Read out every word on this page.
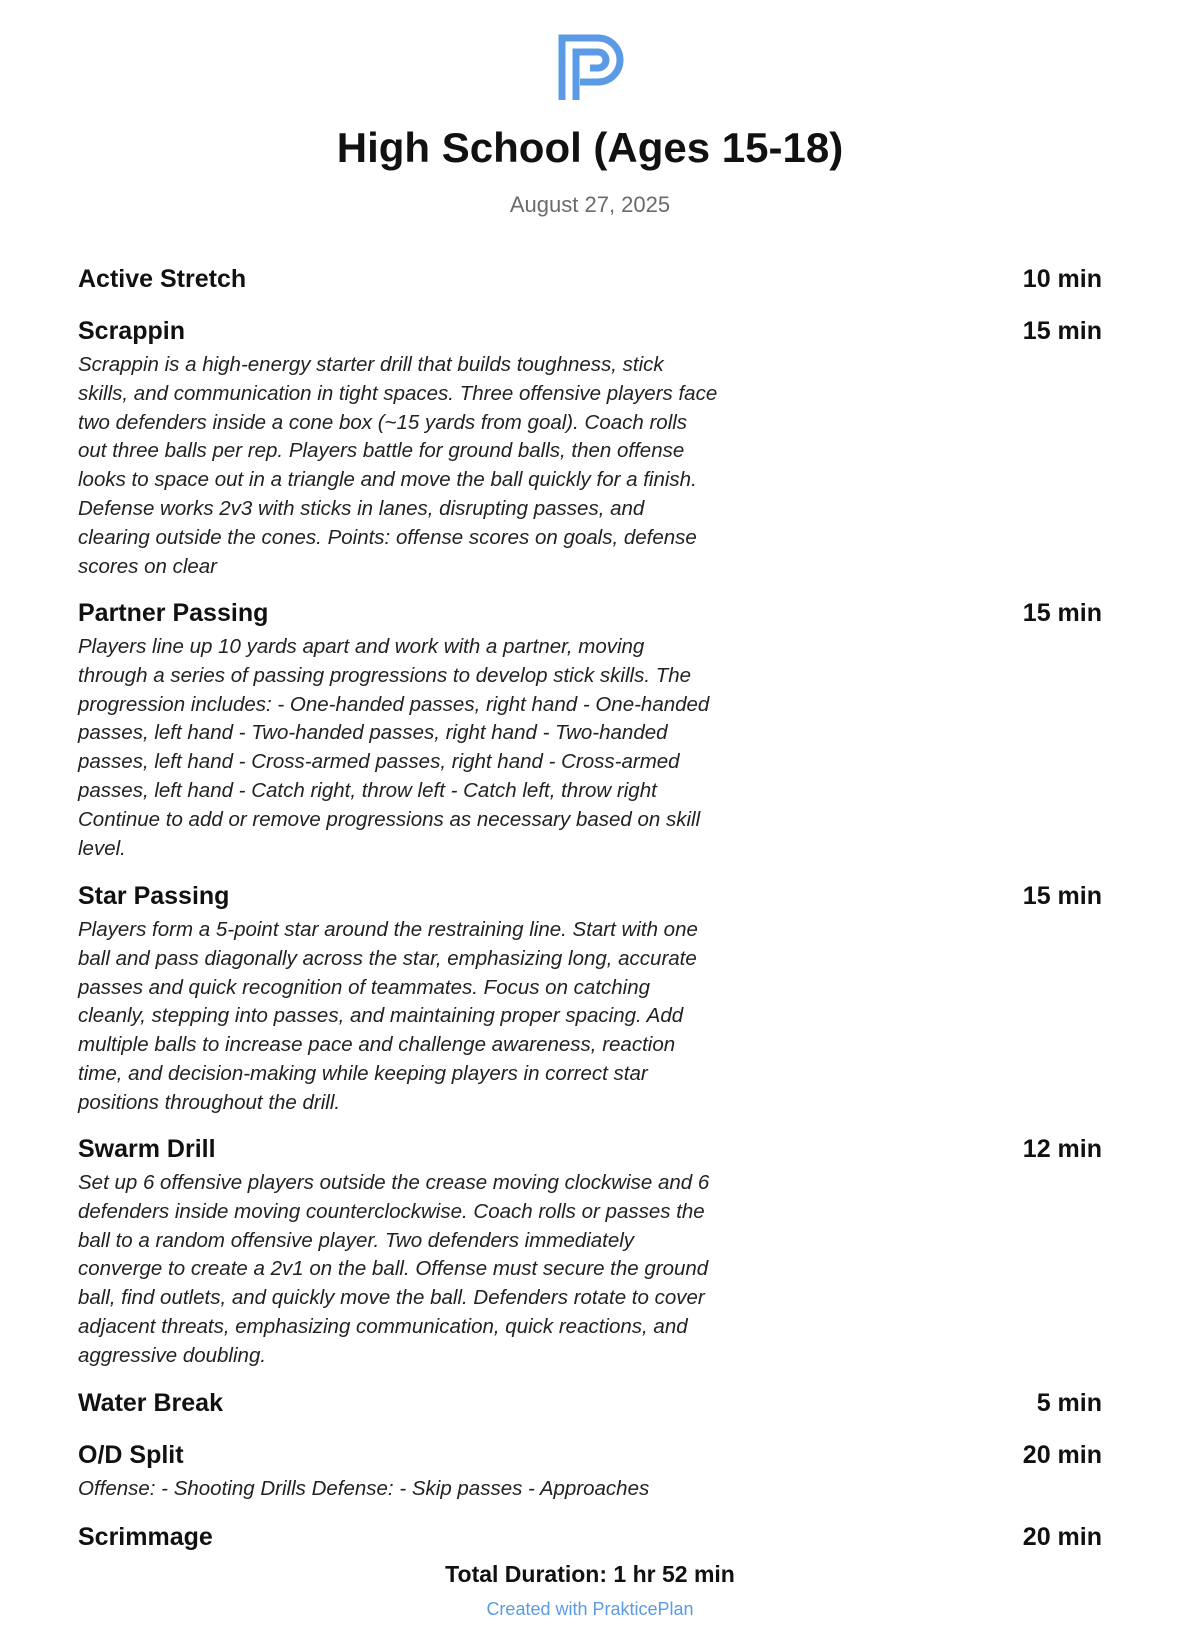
High School (Ages 15-18)
August 27, 2025
Active Stretch	10 min
Scrappin	15 min
Scrappin is a high-energy starter drill that builds toughness, stick skills, and communication in tight spaces. Three offensive players face two defenders inside a cone box (~15 yards from goal). Coach rolls out three balls per rep. Players battle for ground balls, then offense looks to space out in a triangle and move the ball quickly for a finish. Defense works 2v3 with sticks in lanes, disrupting passes, and clearing outside the cones. Points: offense scores on goals, defense scores on clear
Partner Passing	15 min
Players line up 10 yards apart and work with a partner, moving through a series of passing progressions to develop stick skills. The progression includes: - One-handed passes, right hand - One-handed passes, left hand - Two-handed passes, right hand - Two-handed passes, left hand - Cross-armed passes, right hand - Cross-armed passes, left hand - Catch right, throw left - Catch left, throw right Continue to add or remove progressions as necessary based on skill level.
Star Passing	15 min
Players form a 5-point star around the restraining line. Start with one ball and pass diagonally across the star, emphasizing long, accurate passes and quick recognition of teammates. Focus on catching cleanly, stepping into passes, and maintaining proper spacing. Add multiple balls to increase pace and challenge awareness, reaction time, and decision-making while keeping players in correct star positions throughout the drill.
Swarm Drill	12 min
Set up 6 offensive players outside the crease moving clockwise and 6 defenders inside moving counterclockwise. Coach rolls or passes the ball to a random offensive player. Two defenders immediately converge to create a 2v1 on the ball. Offense must secure the ground ball, find outlets, and quickly move the ball. Defenders rotate to cover adjacent threats, emphasizing communication, quick reactions, and aggressive doubling.
Water Break	5 min
O/D Split	20 min
Offense: - Shooting Drills Defense: - Skip passes - Approaches
Scrimmage	20 min
Total Duration: 1 hr 52 min
Created with PrakticePlan
